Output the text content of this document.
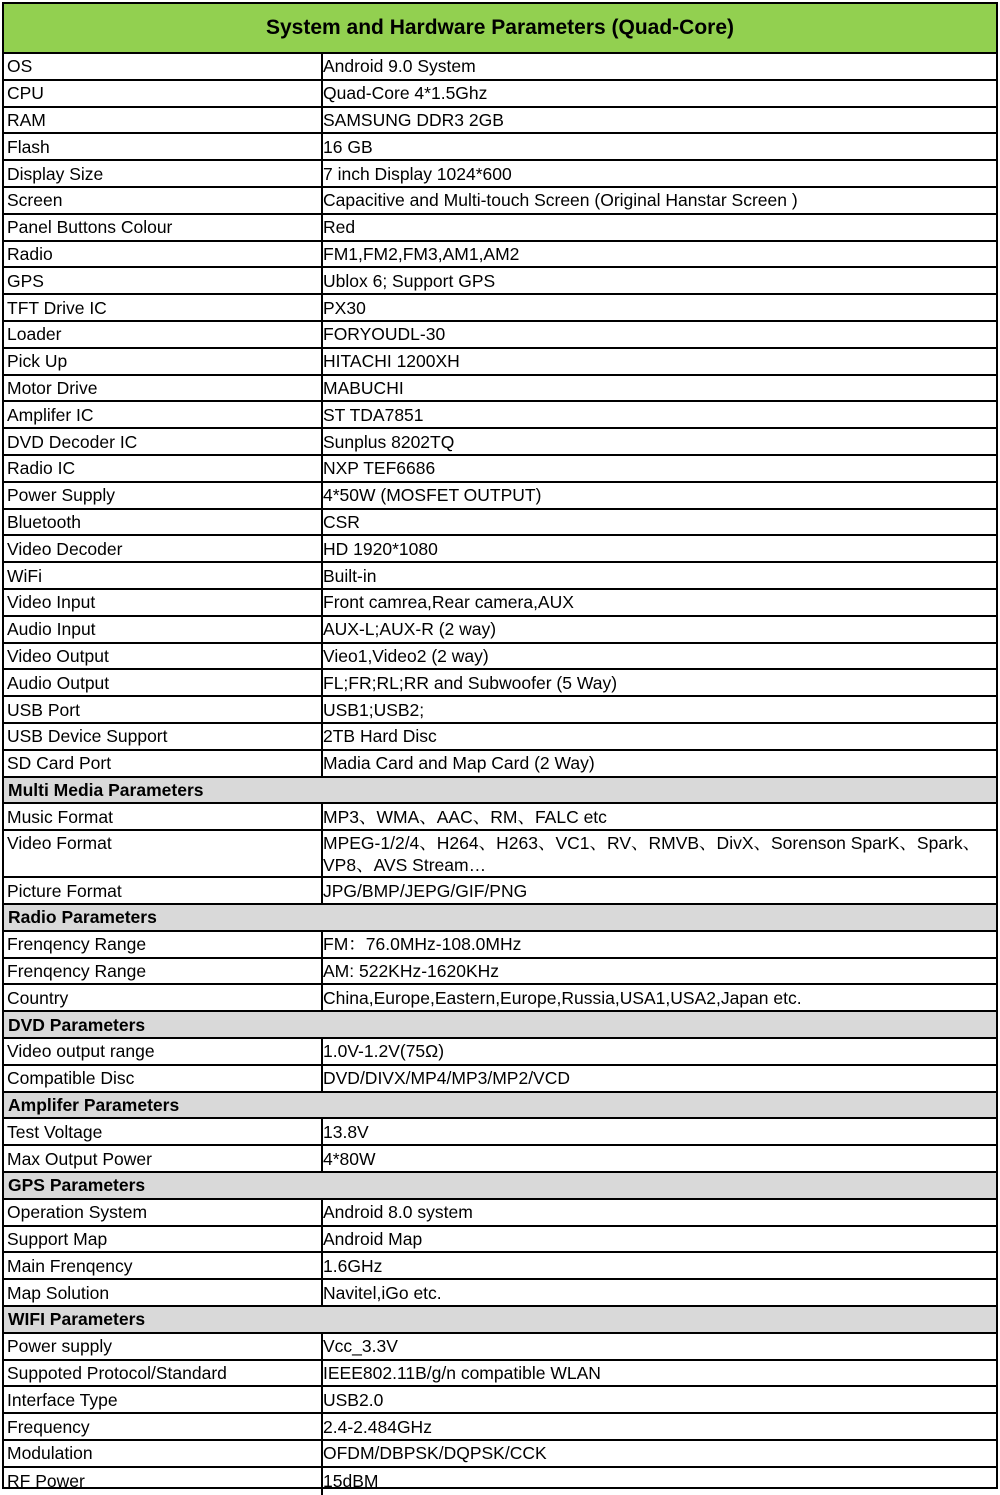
System and Hardware Parameters (Quad-Core)
OS	Android 9.0 System
CPU	Quad-Core 4*1.5Ghz
RAM	SAMSUNG DDR3 2GB
Flash	16 GB
Display Size	7 inch Display 1024*600
Screen	Capacitive and Multi-touch Screen (Original Hanstar Screen )
Panel Buttons Colour	Red
Radio	FM1,FM2,FM3,AM1,AM2
GPS	Ublox 6; Support GPS
TFT Drive IC	PX30
Loader	FORYOUDL-30
Pick Up	HITACHI 1200XH
Motor Drive	MABUCHI
Amplifer IC	ST TDA7851
DVD Decoder IC	Sunplus 8202TQ
Radio IC	NXP TEF6686
Power Supply	4*50W (MOSFET OUTPUT)
Bluetooth	CSR
Video Decoder	HD 1920*1080
WiFi	Built-in
Video Input	Front camrea,Rear camera,AUX
Audio Input	AUX-L;AUX-R (2 way)
Video Output	Vieo1,Video2 (2 way)
Audio Output	FL;FR;RL;RR and Subwoofer (5 Way)
USB Port	USB1;USB2;
USB Device Support	2TB Hard Disc
SD Card Port	Madia Card and Map Card (2 Way)
Multi Media Parameters
Music Format	MP3、WMA、AAC、RM、FALC etc
Video Format	MPEG-1/2/4、H264、H263、VC1、RV、RMVB、DivX、Sorenson SparK、Spark、VP8、AVS Stream…
Picture Format	JPG/BMP/JEPG/GIF/PNG
Radio Parameters
Frenqency Range	FM：76.0MHz-108.0MHz
Frenqency Range	AM: 522KHz-1620KHz
Country	China,Europe,Eastern,Europe,Russia,USA1,USA2,Japan etc.
DVD Parameters
Video output range	1.0V-1.2V(75Ω)
Compatible Disc	DVD/DIVX/MP4/MP3/MP2/VCD
Amplifer Parameters
Test Voltage	13.8V
Max Output Power	4*80W
GPS Parameters
Operation System	Android 8.0 system
Support Map	Android Map
Main Frenqency	1.6GHz
Map Solution	Navitel,iGo etc.
WIFI Parameters
Power supply	Vcc_3.3V
Suppoted Protocol/Standard	IEEE802.11B/g/n compatible WLAN
Interface Type	USB2.0
Frequency	2.4-2.484GHz
Modulation	OFDM/DBPSK/DQPSK/CCK
RF Power	15dBM
